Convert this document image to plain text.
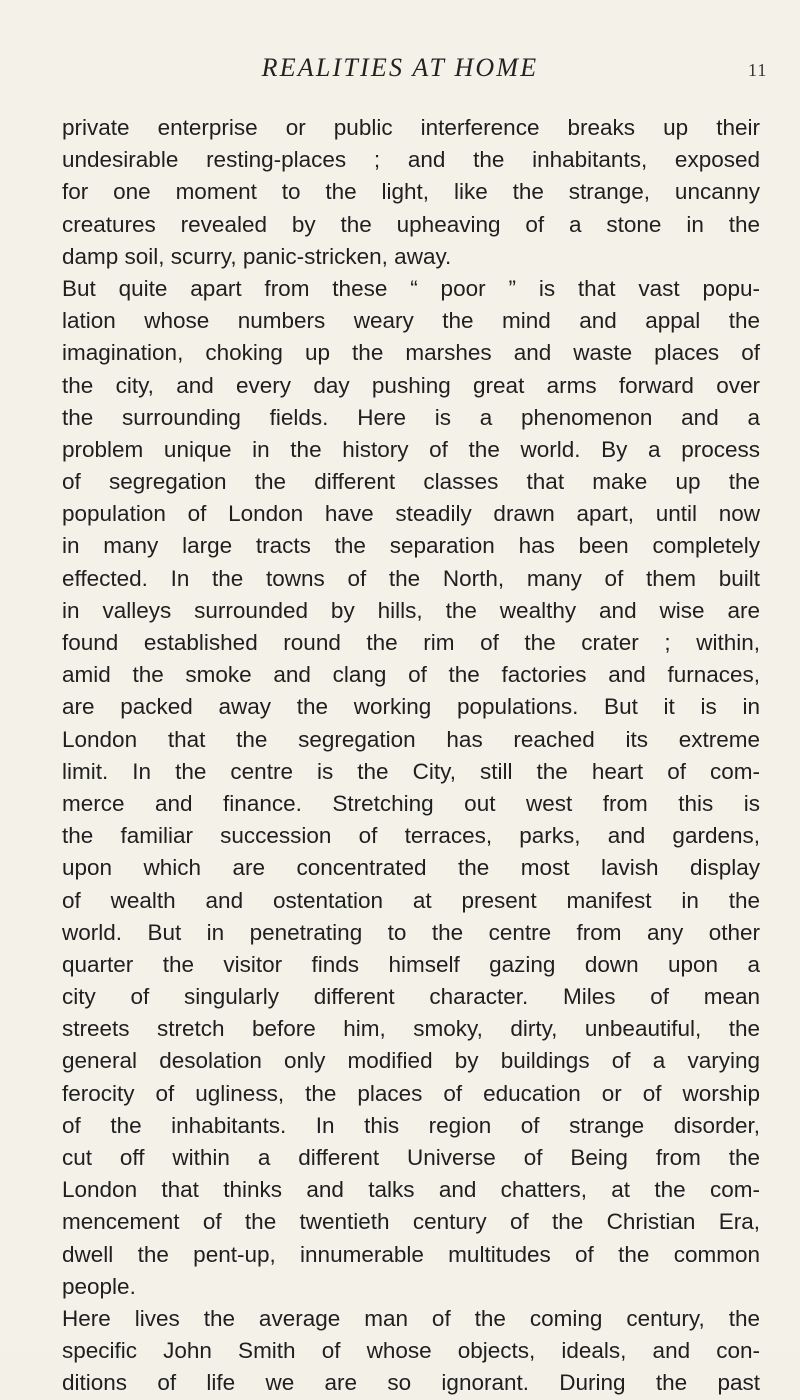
REALITIES AT HOME	11
private enterprise or public interference breaks up their
undesirable resting-places ; and the inhabitants, exposed
for one moment to the light, like the strange, uncanny
creatures revealed by the upheaving of a stone in the
damp soil, scurry, panic-stricken, away.
But quite apart from these “ poor ” is that vast popu-
lation whose numbers weary the mind and appal the
imagination, choking up the marshes and waste places of
the city, and every day pushing great arms forward over
the surrounding fields. Here is a phenomenon and a
problem unique in the history of the world. By a process
of segregation the different classes that make up the
population of London have steadily drawn apart, until now
in many large tracts the separation has been completely
effected. In the towns of the North, many of them built
in valleys surrounded by hills, the wealthy and wise are
found established round the rim of the crater ; within,
amid the smoke and clang of the factories and furnaces,
are packed away the working populations. But it is in
London that the segregation has reached its extreme
limit. In the centre is the City, still the heart of com-
merce and finance. Stretching out west from this is
the familiar succession of terraces, parks, and gardens,
upon which are concentrated the most lavish display
of wealth and ostentation at present manifest in the
world. But in penetrating to the centre from any other
quarter the visitor finds himself gazing down upon a
city of singularly different character. Miles of mean
streets stretch before him, smoky, dirty, unbeautiful, the
general desolation only modified by buildings of a varying
ferocity of ugliness, the places of education or of worship
of the inhabitants. In this region of strange disorder,
cut off within a different Universe of Being from the
London that thinks and talks and chatters, at the com-
mencement of the twentieth century of the Christian Era,
dwell the pent-up, innumerable multitudes of the common
people.
Here lives the average man of the coming century, the
specific John Smith of whose objects, ideals, and con-
ditions of life we are so ignorant. During the past
